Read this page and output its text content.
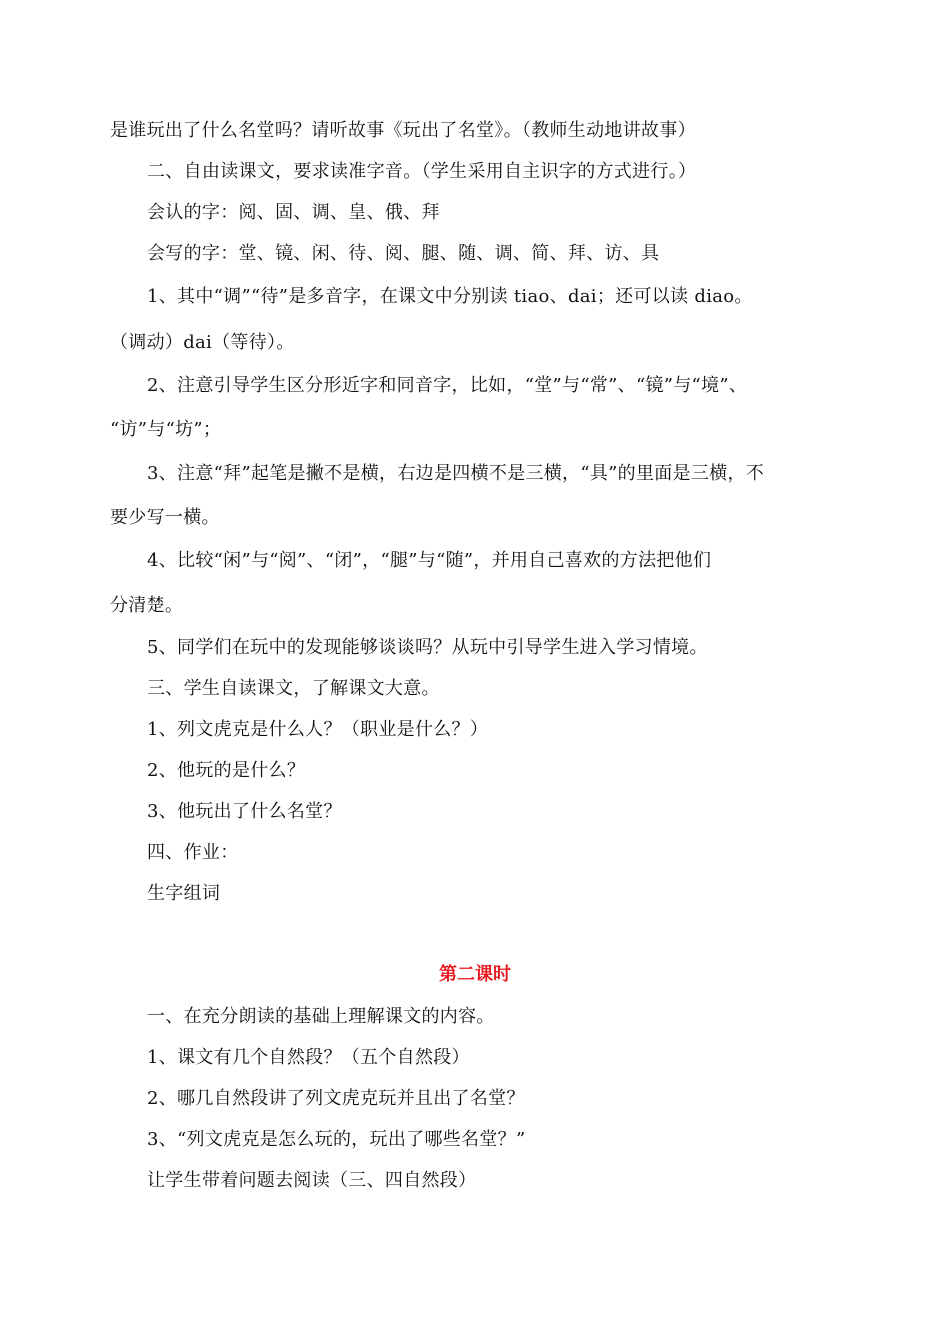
是谁玩出了什么名堂吗？请听故事《玩出了名堂》。（教师生动地讲故事）
二、自由读课文，要求读准字音。（学生采用自主识字的方式进行。）
会认的字：阅、固、调、皇、俄、拜
会写的字：堂、镜、闲、待、阅、腿、随、调、简、拜、访、具
1、其中“调”“待”是多音字，在课文中分别读 tiao、dai；还可以读 diao。
（调动）dai（等待）。
2、注意引导学生区分形近字和同音字，比如，“堂”与“常”、“镜”与“境”、
“访”与“坊”；
3、注意“拜”起笔是撇不是横，右边是四横不是三横，“具”的里面是三横，不
要少写一横。
4、比较“闲”与“阅”、“闭”，“腿”与“随”，并用自己喜欢的方法把他们
分清楚。
5、同学们在玩中的发现能够谈谈吗？从玩中引导学生进入学习情境。
三、学生自读课文，了解课文大意。
1、列文虎克是什么人？（职业是什么？）
2、他玩的是什么？
3、他玩出了什么名堂？
四、作业：
生字组词
第二课时
一、在充分朗读的基础上理解课文的内容。
1、课文有几个自然段？（五个自然段）
2、哪几自然段讲了列文虎克玩并且出了名堂？
3、“列文虎克是怎么玩的，玩出了哪些名堂？”
让学生带着问题去阅读（三、四自然段）
